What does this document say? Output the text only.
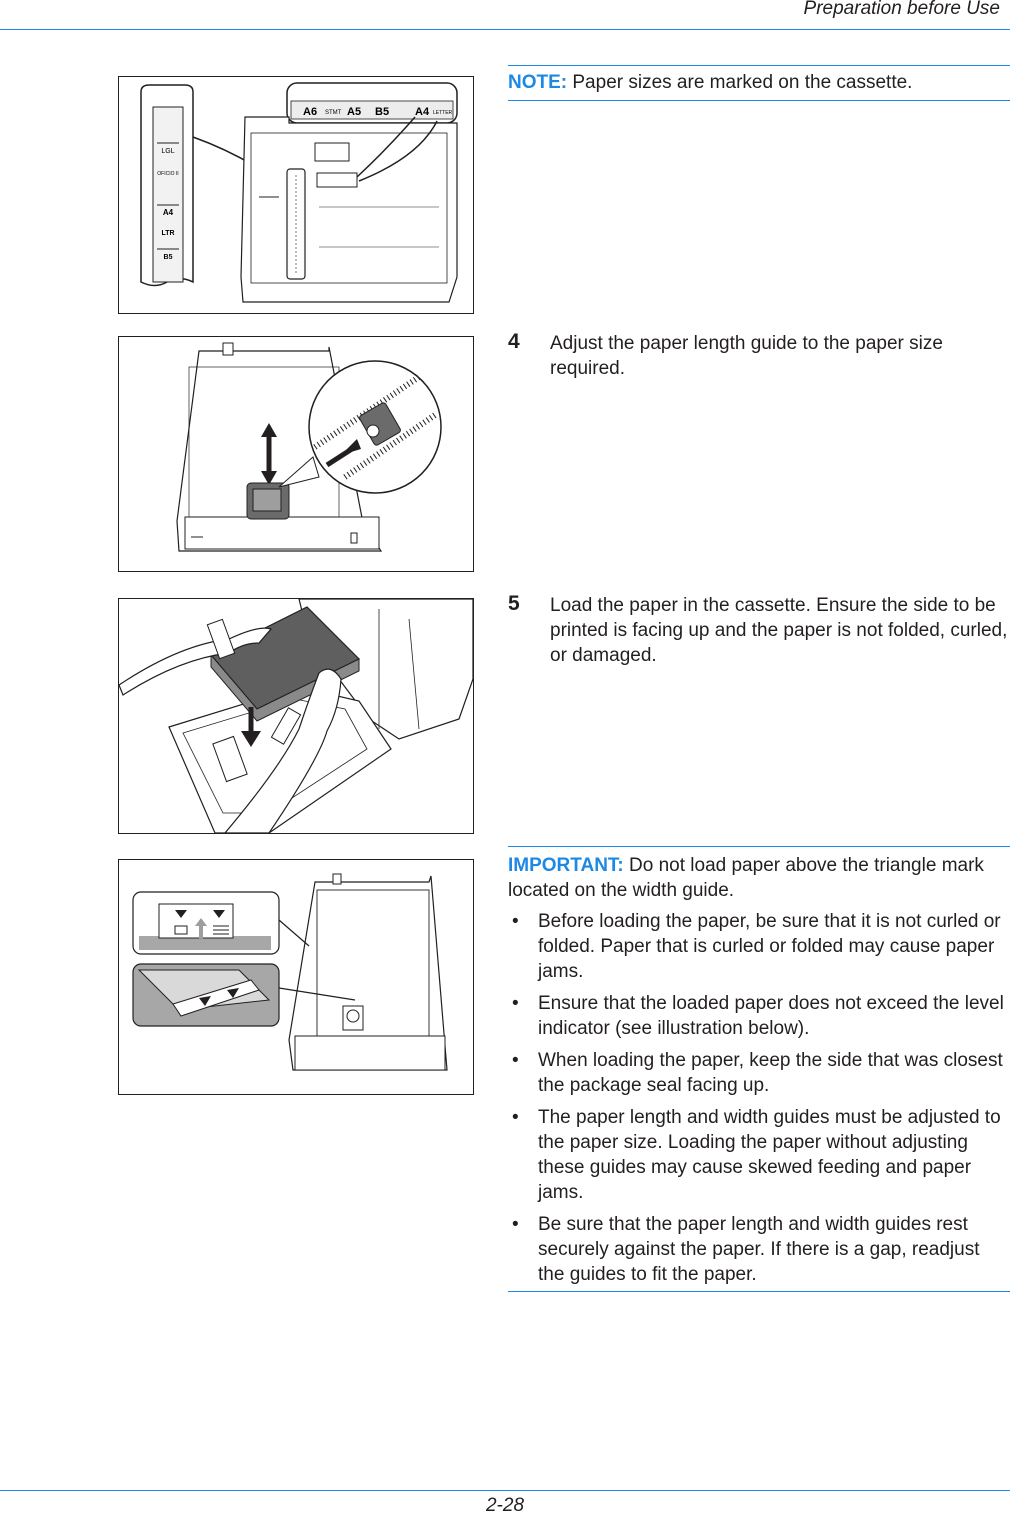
Preparation before Use
LGL
OFICIO II
A4
LTR
B5
A6 STMT A5 B5 A4 LETTER
NOTE: Paper sizes are marked on the cassette.
4 Adjust the paper length guide to the paper size required.
5 Load the paper in the cassette. Ensure the side to be printed is facing up and the paper is not folded, curled, or damaged.
IMPORTANT: Do not load paper above the triangle mark located on the width guide.
• Before loading the paper, be sure that it is not curled or folded. Paper that is curled or folded may cause paper jams.
• Ensure that the loaded paper does not exceed the level indicator (see illustration below).
• When loading the paper, keep the side that was closest the package seal facing up.
• The paper length and width guides must be adjusted to the paper size. Loading the paper without adjusting these guides may cause skewed feeding and paper jams.
• Be sure that the paper length and width guides rest securely against the paper. If there is a gap, readjust the guides to fit the paper.
2-28
